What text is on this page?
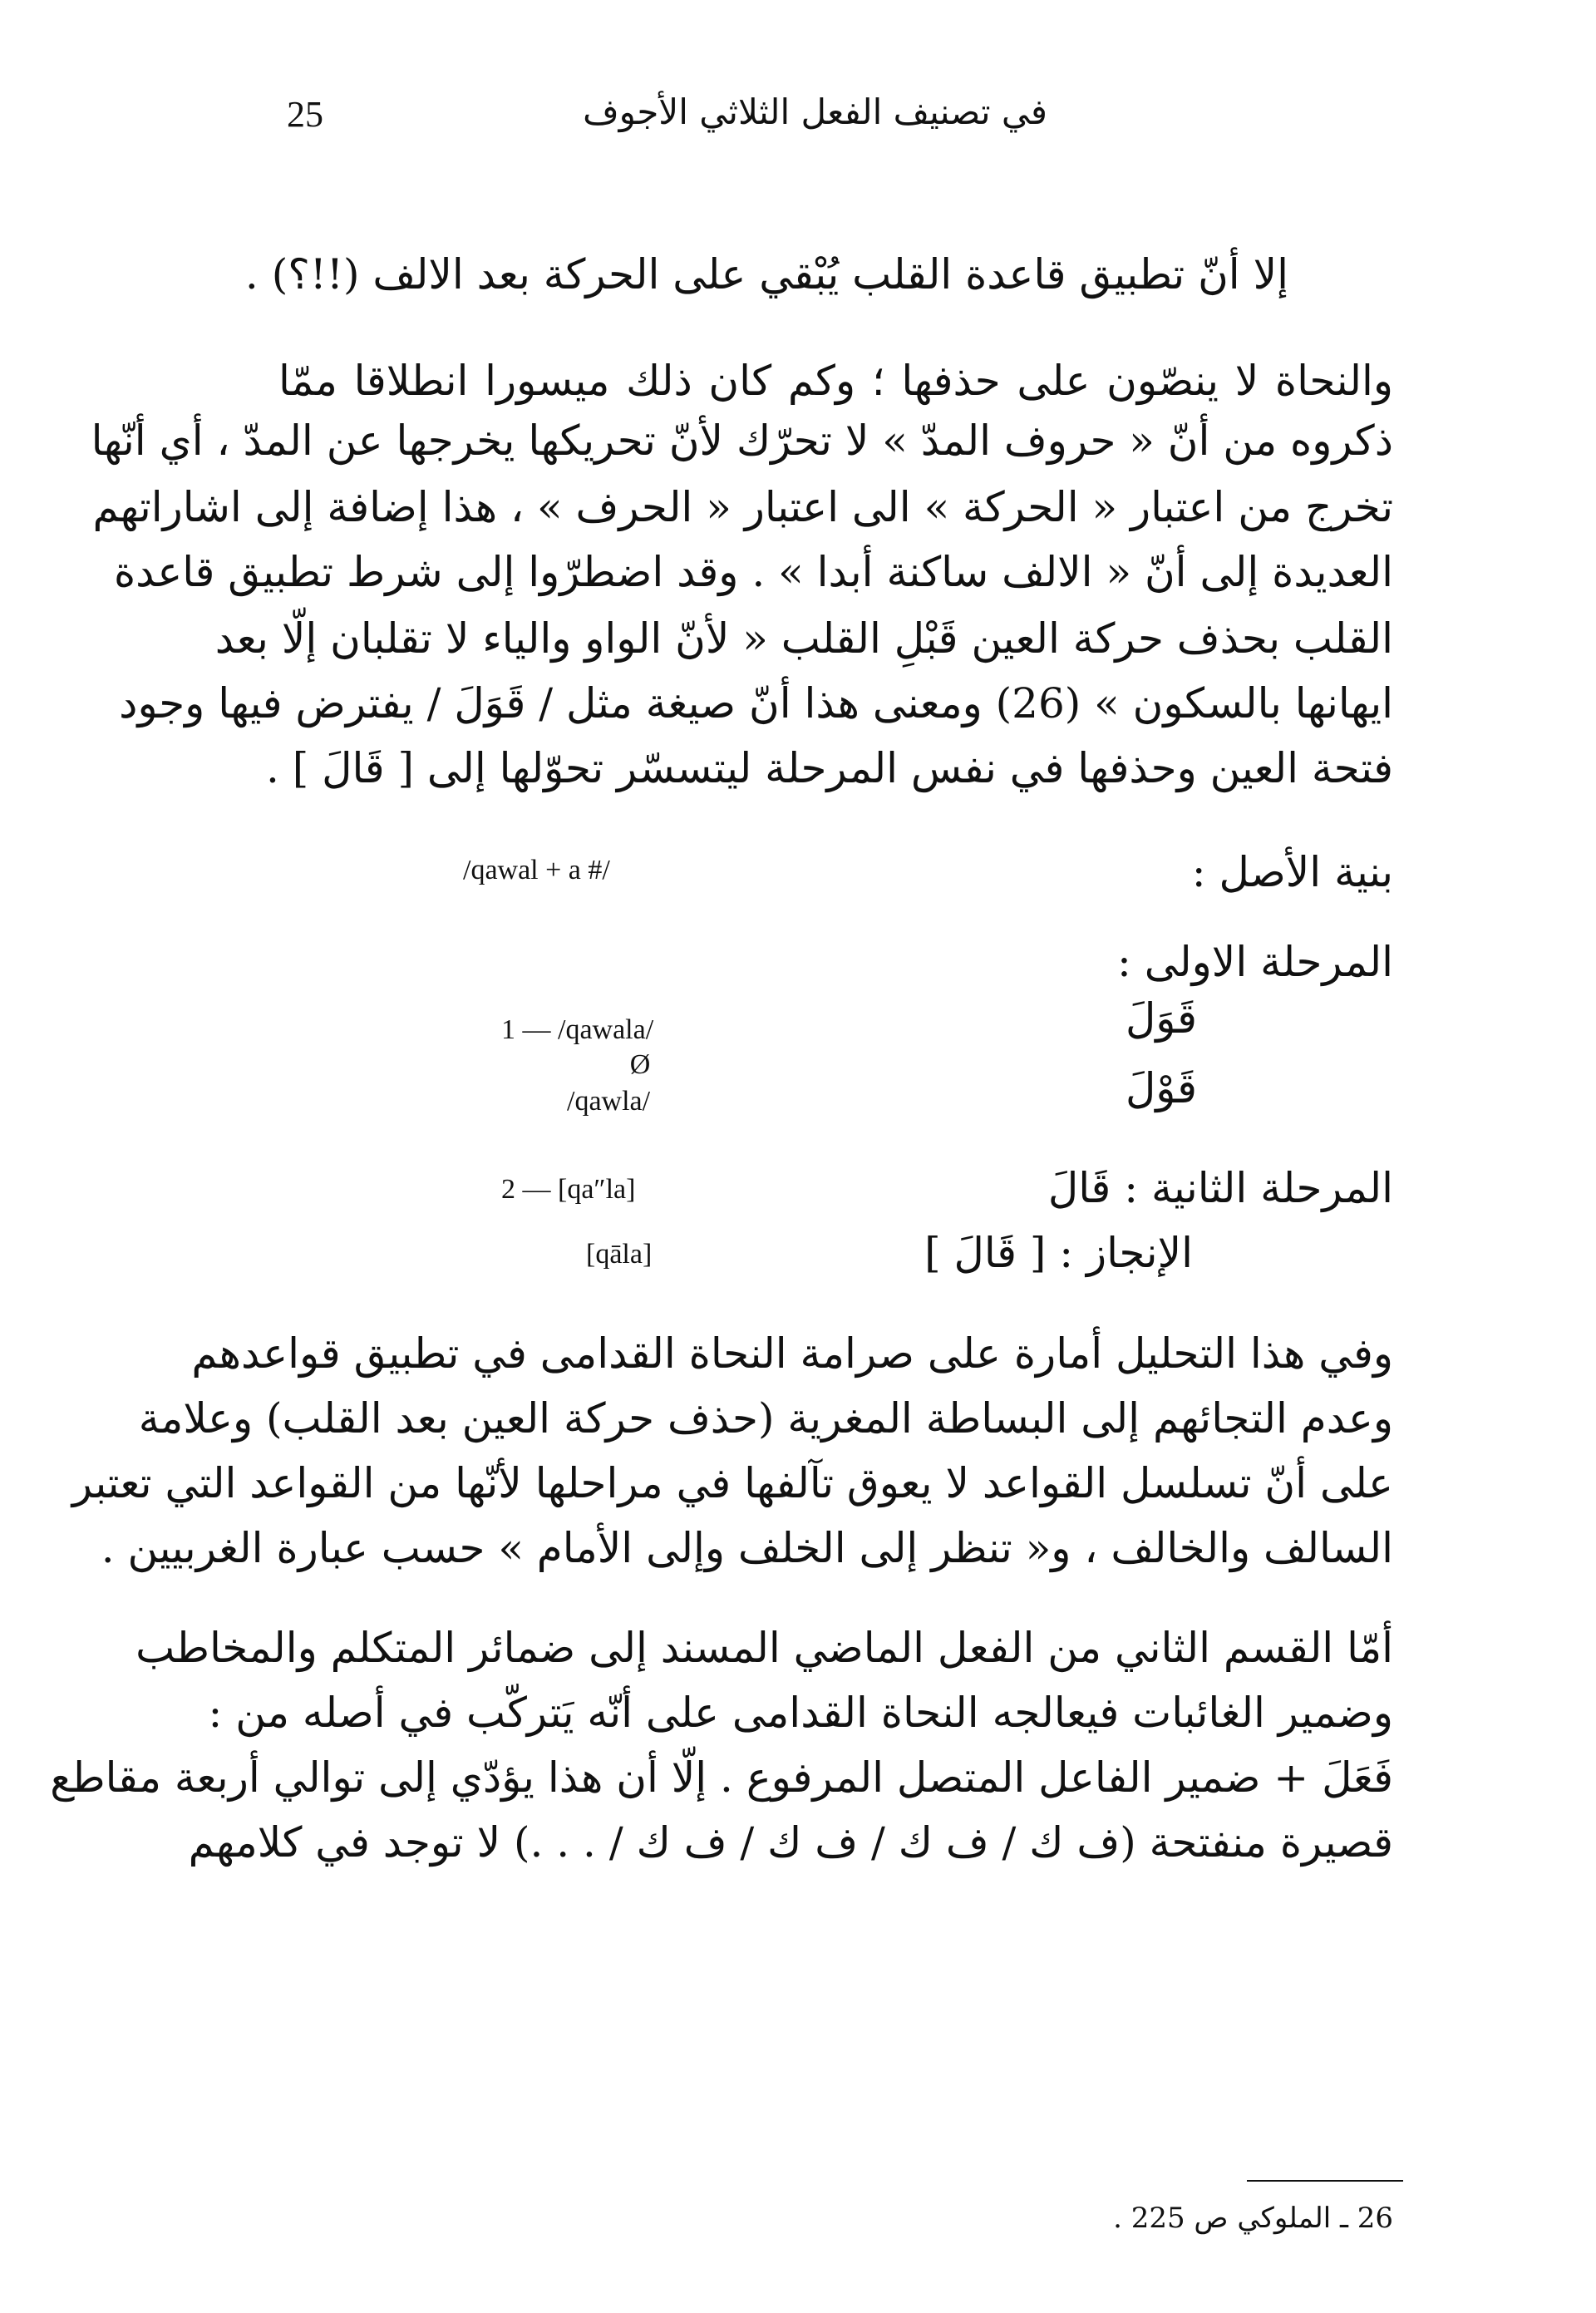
25	في تصنيف الفعل الثلاثي الأجوف
إلا أنّ تطبيق قاعدة القلب يُبْقي على الحركة بعد الالف (!!؟) .
والنحاة لا ينصّون على حذفها ؛ وكم كان ذلك ميسورا انطلاقا ممّا
ذكروه من أنّ « حروف المدّ » لا تحرّك لأنّ تحريكها يخرجها عن المدّ ، أي أنّها
تخرج من اعتبار « الحركة » الى اعتبار « الحرف » ، هذا إضافة إلى اشاراتهم
العديدة إلى أنّ « الالف ساكنة أبدا » . وقد اضطرّوا إلى شرط تطبيق قاعدة
القلب بحذف حركة العين قَبْلِ القلب « لأنّ الواو والياء لا تقلبان إلّا بعد
ايهانها بالسكون » (26) ومعنى هذا أنّ صيغة مثل / قَوَلَ / يفترض فيها وجود
فتحة العين وحذفها في نفس المرحلة ليتسسّر تحوّلها إلى [ قَالَ ] .
بنية الأصل :
/qawal + a #/
المرحلة الاولى :
قَوَلَ
قَوْلَ
1 — /qawala/
Ø
/qawla/
المرحلة الثانية : قَالَ
2 — [qa″la]
الإنجاز : [ قَالَ ]
[qāla]
وفي هذا التحليل أمارة على صرامة النحاة القدامى في تطبيق قواعدهم
وعدم التجائهم إلى البساطة المغرية (حذف حركة العين بعد القلب) وعلامة
على أنّ تسلسل القواعد لا يعوق تآلفها في مراحلها لأنّها من القواعد التي تعتبر
السالف والخالف ، و« تنظر إلى الخلف وإلى الأمام » حسب عبارة الغربيين .
أمّا القسم الثاني من الفعل الماضي المسند إلى ضمائر المتكلم والمخاطب
وضمير الغائبات فيعالجه النحاة القدامى على أنّه يَتركّب في أصله من :
فَعَلَ + ضمير الفاعل المتصل المرفوع . إلّا أن هذا يؤدّي إلى توالي أربعة مقاطع
قصيرة منفتحة (ف ك / ف ك / ف ك / ف ك / . . .) لا توجد في كلامهم
26 ـ الملوكي ص 225 .
